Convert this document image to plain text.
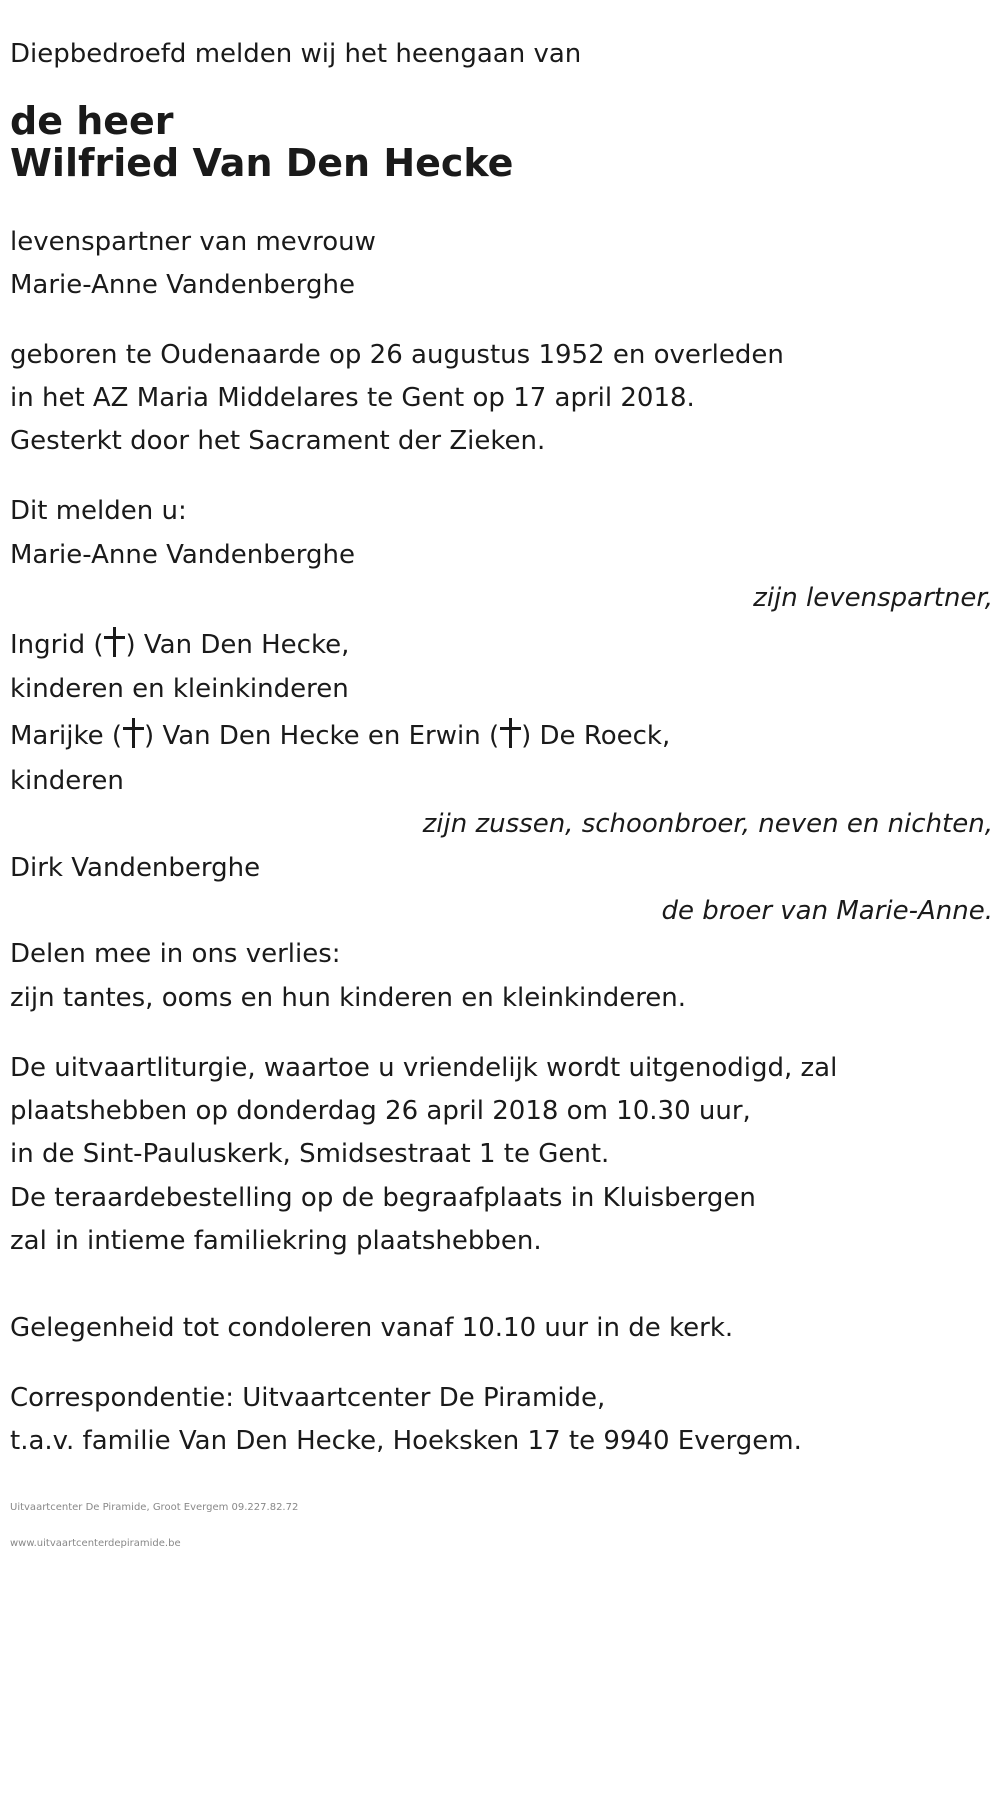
Diepbedroefd melden wij het heengaan van
de heer
Wilfried Van Den Hecke
levenspartner van mevrouw
Marie-Anne Vandenberghe
geboren te Oudenaarde op 26 augustus 1952 en overleden
in het AZ Maria Middelares te Gent op 17 april 2018.
Gesterkt door het Sacrament der Zieken.
Dit melden u:
Marie-Anne Vandenberghe
zijn levenspartner,
Ingrid ( ) Van Den Hecke,
kinderen en kleinkinderen
Marijke ( ) Van Den Hecke en Erwin ( ) De Roeck,
kinderen
zijn zussen, schoonbroer, neven en nichten,
Dirk Vandenberghe
de broer van Marie-Anne.
Delen mee in ons verlies:
zijn tantes, ooms en hun kinderen en kleinkinderen.
De uitvaartliturgie, waartoe u vriendelijk wordt uitgenodigd, zal
plaatshebben op donderdag 26 april 2018 om 10.30 uur,
in de Sint-Pauluskerk, Smidsestraat 1 te Gent.
De teraardebestelling op de begraafplaats in Kluisbergen
zal in intieme familiekring plaatshebben.
Gelegenheid tot condoleren vanaf 10.10 uur in de kerk.
Correspondentie: Uitvaartcenter De Piramide,
t.a.v. familie Van Den Hecke, Hoeksken 17 te 9940 Evergem.
Uitvaartcenter De Piramide, Groot Evergem 09.227.82.72
www.uitvaartcenterdepiramide.be
